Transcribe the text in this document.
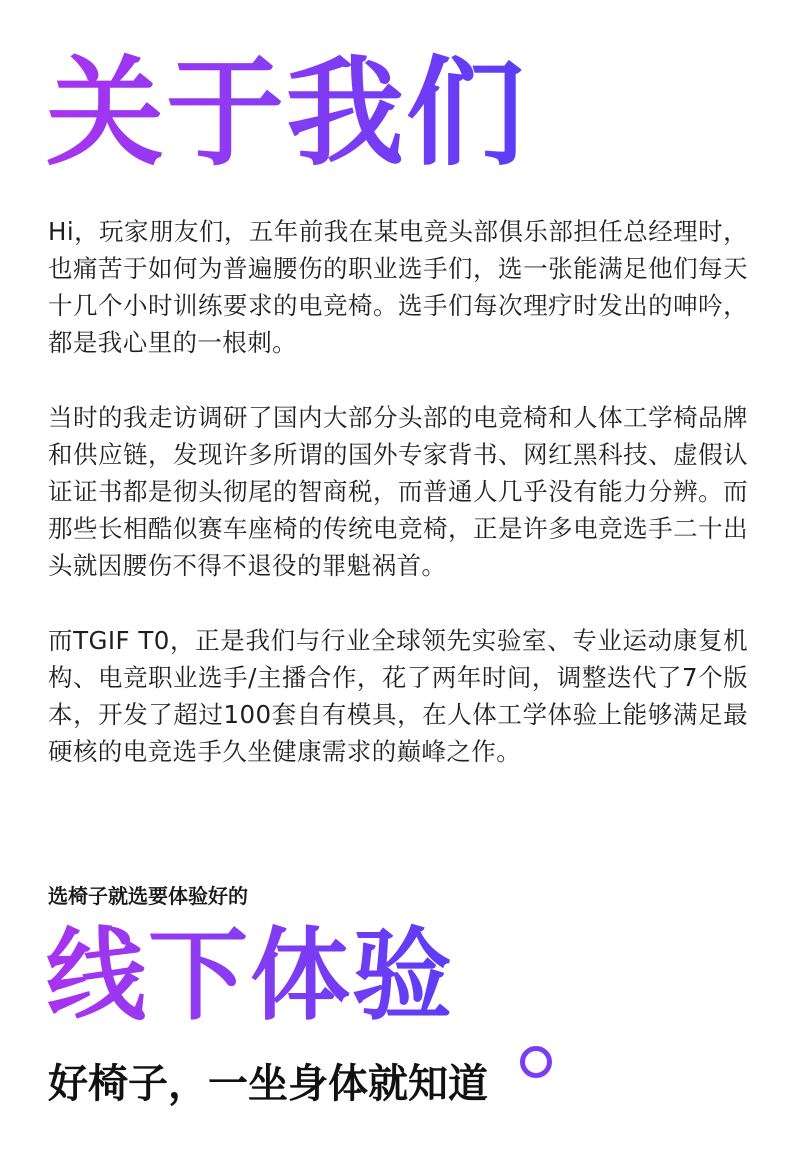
关于我们

Hi，玩家朋友们，五年前我在某电竞头部俱乐部担任总经理时，也痛苦于如何为普遍腰伤的职业选手们，选一张能满足他们每天十几个小时训练要求的电竞椅。选手们每次理疗时发出的呻吟，都是我心里的一根刺。

当时的我走访调研了国内大部分头部的电竞椅和人体工学椅品牌和供应链，发现许多所谓的国外专家背书、网红黑科技、虚假认证证书都是彻头彻尾的智商税，而普通人几乎没有能力分辨。而那些长相酷似赛车座椅的传统电竞椅，正是许多电竞选手二十出头就因腰伤不得不退役的罪魁祸首。

而TGIF T0，正是我们与行业全球领先实验室、专业运动康复机构、电竞职业选手/主播合作，花了两年时间，调整迭代了7个版本，开发了超过100套自有模具，在人体工学体验上能够满足最硬核的电竞选手久坐健康需求的巅峰之作。

选椅子就选要体验好的

线下体验

好椅子，一坐身体就知道
